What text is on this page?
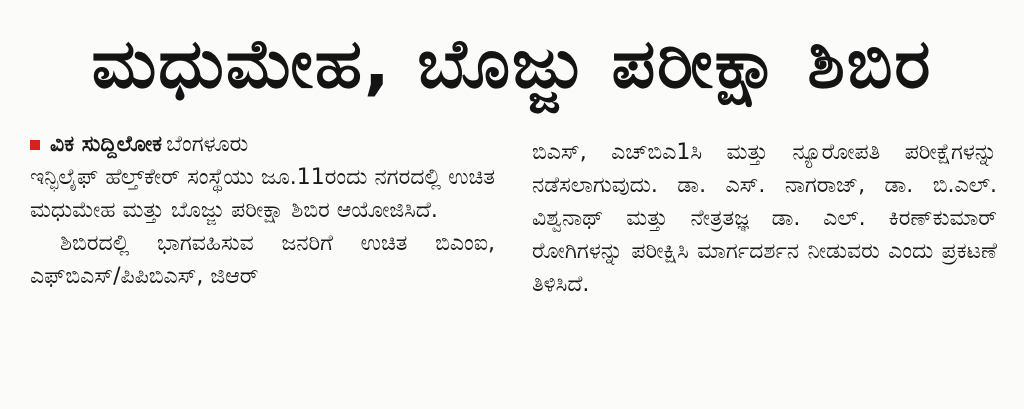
ಮಧುಮೇಹ, ಬೊಜ್ಜು ಪರೀಕ್ಷಾ ಶಿಬಿರ
ವಿಕ ಸುದ್ದಿಲೋಕ ಬೆಂಗಳೂರು

ಇನ್ಫಿಲೈಫ್ ಹೆಲ್ತ್‌ಕೇರ್ ಸಂಸ್ಥೆಯು ಜೂ.11ರಂದು ನಗರದಲ್ಲಿ ಉಚಿತ ಮಧುಮೇಹ ಮತ್ತು ಬೊಜ್ಜು ಪರೀಕ್ಷಾ ಶಿಬಿರ ಆಯೋಜಿಸಿದೆ.

ಶಿಬಿರದಲ್ಲಿ ಭಾಗವಹಿಸುವ ಜನರಿಗೆ ಉಚಿತ ಬಿಎಂಐ, ಎಫ್‌ಬಿಎಸ್/ಪಿಪಿಬಿಎಸ್, ಜಿಆರ್

ಬಿಎಸ್, ಎಚ್‌ಬಿಎ1ಸಿ ಮತ್ತು ನ್ಯೂರೋಪತಿ ಪರೀಕ್ಷೆಗಳನ್ನು ನಡೆಸಲಾಗುವುದು. ಡಾ. ಎಸ್. ನಾಗರಾಜ್, ಡಾ. ಬಿ.ಎಲ್. ವಿಶ್ವನಾಥ್ ಮತ್ತು ನೇತ್ರತಜ್ಞ ಡಾ. ಎಲ್. ಕಿರಣ್‌ಕುಮಾರ್ ರೋಗಿಗಳನ್ನು ಪರೀಕ್ಷಿಸಿ ಮಾರ್ಗದರ್ಶನ ನೀಡುವರು ಎಂದು ಪ್ರಕಟಣೆ ತಿಳಿಸಿದೆ.
